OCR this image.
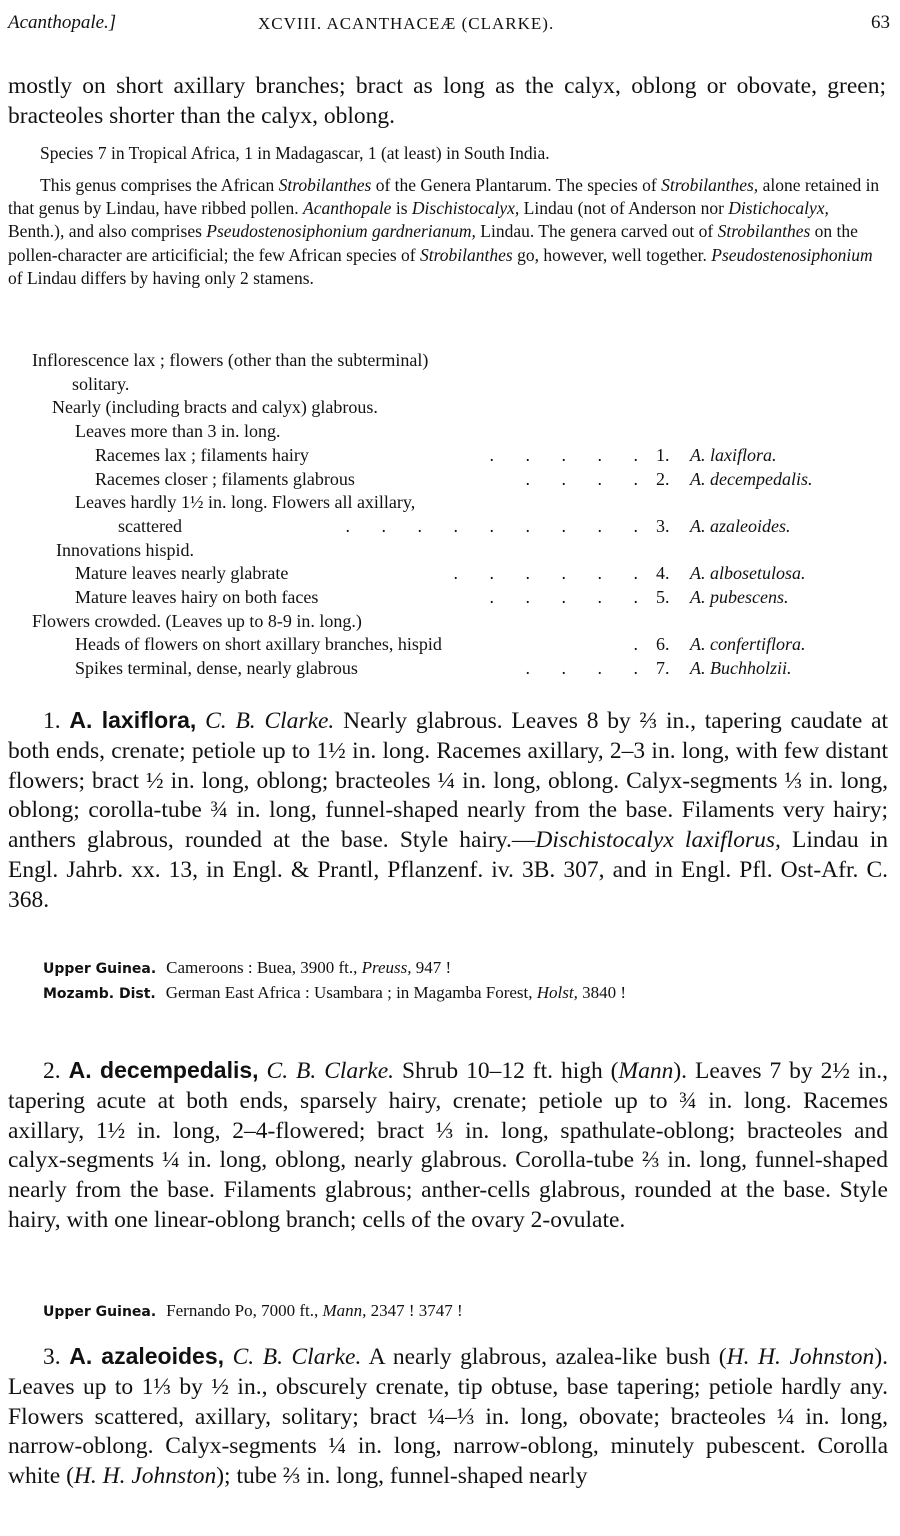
Acanthopale.]	XCVIII. ACANTHACEÆ (CLARKE).	63
mostly on short axillary branches; bract as long as the calyx, oblong or obovate, green; bracteoles shorter than the calyx, oblong.
Species 7 in Tropical Africa, 1 in Madagascar, 1 (at least) in South India.
This genus comprises the African Strobilanthes of the Genera Plantarum. The species of Strobilanthes, alone retained in that genus by Lindau, have ribbed pollen. Acanthopale is Dischistocalyx, Lindau (not of Anderson nor Distichocalyx, Benth.), and also comprises Pseudostenosiphonium gardnerianum, Lindau. The genera carved out of Strobilanthes on the pollen-character are articificial; the few African species of Strobilanthes go, however, well together. Pseudostenosiphonium of Lindau differs by having only 2 stamens.
Inflorescence lax ; flowers (other than the subterminal)
solitary.
Nearly (including bracts and calyx) glabrous.
Leaves more than 3 in. long.
Racemes lax ; filaments hairy	.       .       .       .       . 1. A. laxiflora.
Racemes closer ; filaments glabrous	.       .       .       . 2. A. decempedalis.
Leaves hardly 1½ in. long. Flowers all axillary,
scattered	.       .       .       .       .       .       .       .       . 3. A. azaleoides.
Innovations hispid.
Mature leaves nearly glabrate	.       .       .       .       .       . 4. A. albosetulosa.
Mature leaves hairy on both faces	.       .       .       .       . 5. A. pubescens.
Flowers crowded. (Leaves up to 8-9 in. long.)
Heads of flowers on short axillary branches, hispid	. 6. A. confertiflora.
Spikes terminal, dense, nearly glabrous	.       .       .       . 7. A. Buchholzii.
1. A. laxiflora, C. B. Clarke. Nearly glabrous. Leaves 8 by ⅔ in., tapering caudate at both ends, crenate; petiole up to 1½ in. long. Racemes axillary, 2–3 in. long, with few distant flowers; bract ½ in. long, oblong; bracteoles ¼ in. long, oblong. Calyx-segments ⅓ in. long, oblong; corolla-tube ¾ in. long, funnel-shaped nearly from the base. Filaments very hairy; anthers glabrous, rounded at the base. Style hairy.—Dischistocalyx laxiflorus, Lindau in Engl. Jahrb. xx. 13, in Engl. & Prantl, Pflanzenf. iv. 3B. 307, and in Engl. Pfl. Ost-Afr. C. 368.
Upper Guinea. Cameroons : Buea, 3900 ft., Preuss, 947 !
Mozamb. Dist. German East Africa : Usambara ; in Magamba Forest, Holst, 3840 !
2. A. decempedalis, C. B. Clarke. Shrub 10–12 ft. high (Mann). Leaves 7 by 2½ in., tapering acute at both ends, sparsely hairy, crenate; petiole up to ¾ in. long. Racemes axillary, 1½ in. long, 2–4-flowered; bract ⅓ in. long, spathulate-oblong; bracteoles and calyx-segments ¼ in. long, oblong, nearly glabrous. Corolla-tube ⅔ in. long, funnel-shaped nearly from the base. Filaments glabrous; anther-cells glabrous, rounded at the base. Style hairy, with one linear-oblong branch; cells of the ovary 2-ovulate.
Upper Guinea. Fernando Po, 7000 ft., Mann, 2347 ! 3747 !
3. A. azaleoides, C. B. Clarke. A nearly glabrous, azalea-like bush (H. H. Johnston). Leaves up to 1⅓ by ½ in., obscurely crenate, tip obtuse, base tapering; petiole hardly any. Flowers scattered, axillary, solitary; bract ¼–⅓ in. long, obovate; bracteoles ¼ in. long, narrow-oblong. Calyx-segments ¼ in. long, narrow-oblong, minutely pubescent. Corolla white (H. H. Johnston); tube ⅔ in. long, funnel-shaped nearly
